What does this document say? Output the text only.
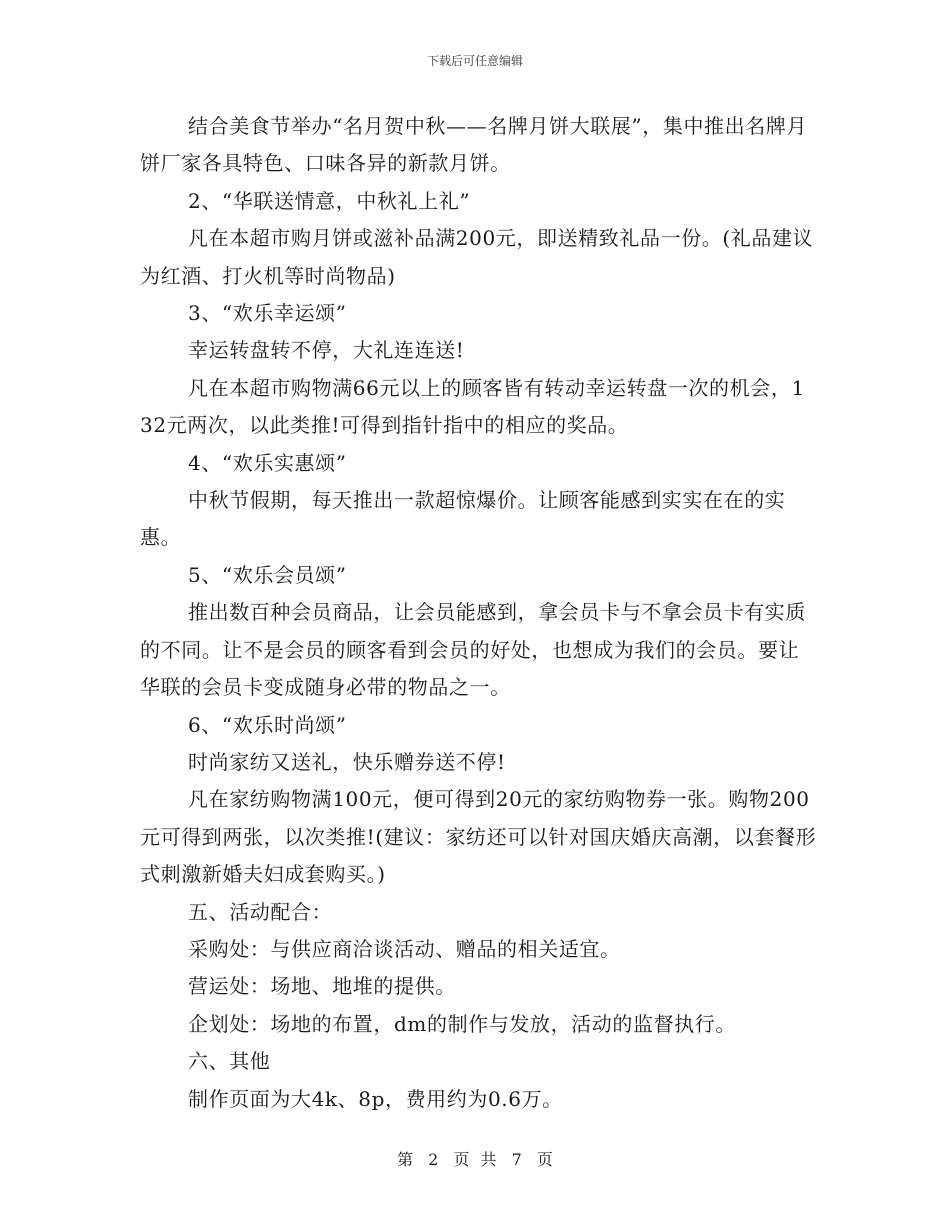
下载后可任意编辑

结合美食节举办“名月贺中秋——名牌月饼大联展”，集中推出名牌月饼厂家各具特色、口味各异的新款月饼。

2、“华联送情意，中秋礼上礼”

凡在本超市购月饼或滋补品满200元，即送精致礼品一份。(礼品建议为红酒、打火机等时尚物品)

3、“欢乐幸运颂”

幸运转盘转不停，大礼连连送!

凡在本超市购物满66元以上的顾客皆有转动幸运转盘一次的机会，132元两次，以此类推!可得到指针指中的相应的奖品。

4、“欢乐实惠颂”

中秋节假期，每天推出一款超惊爆价。让顾客能感到实实在在的实惠。

5、“欢乐会员颂”

推出数百种会员商品，让会员能感到，拿会员卡与不拿会员卡有实质的不同。让不是会员的顾客看到会员的好处，也想成为我们的会员。要让华联的会员卡变成随身必带的物品之一。

6、“欢乐时尚颂”

时尚家纺又送礼，快乐赠券送不停!

凡在家纺购物满100元，便可得到20元的家纺购物券一张。购物200元可得到两张，以次类推!(建议：家纺还可以针对国庆婚庆高潮，以套餐形式刺激新婚夫妇成套购买。)

五、活动配合：

采购处：与供应商洽谈活动、赠品的相关适宜。

营运处：场地、地堆的提供。

企划处：场地的布置，dm的制作与发放，活动的监督执行。

六、其他

制作页面为大4k、8p，费用约为0.6万。

第 2 页 共 7 页
